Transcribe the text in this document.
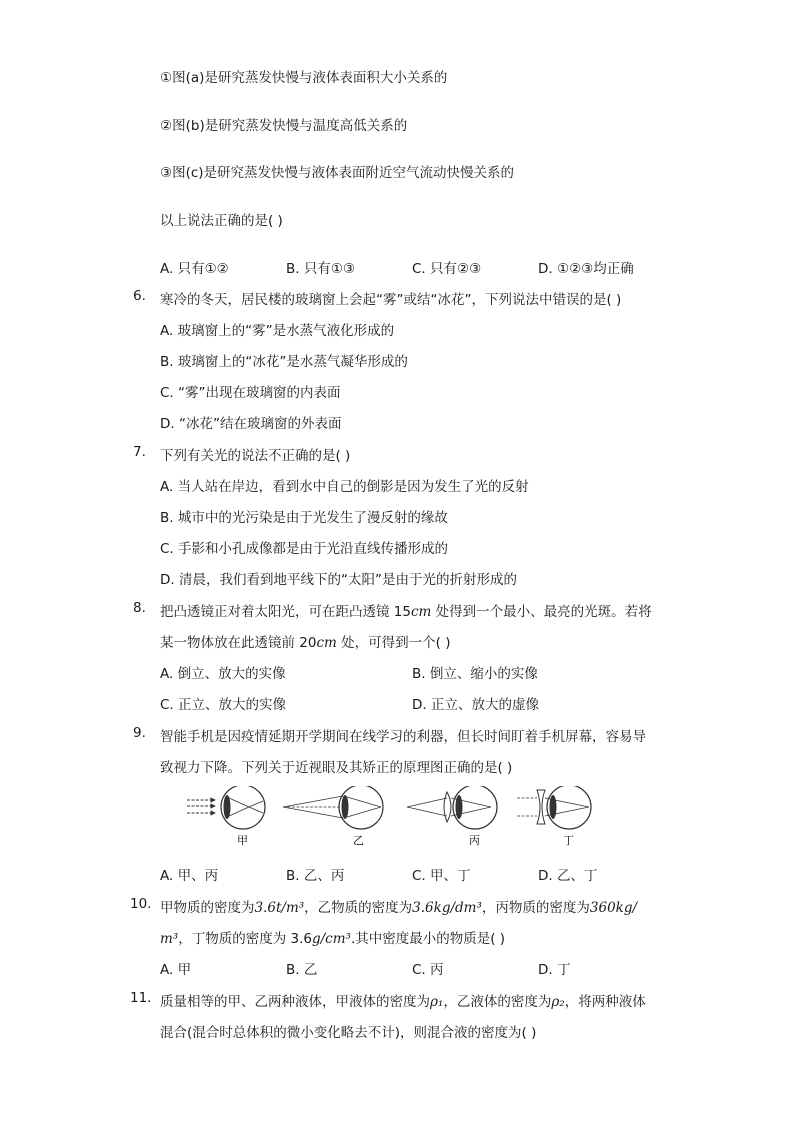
①图(a)是研究蒸发快慢与液体表面积大小关系的
②图(b)是研究蒸发快慢与温度高低关系的
③图(c)是研究蒸发快慢与液体表面附近空气流动快慢关系的
以上说法正确的是( )
A. 只有①②	B. 只有①③	C. 只有②③	D. ①②③均正确
6. 寒冷的冬天，居民楼的玻璃窗上会起“雾”或结“冰花”，下列说法中错误的是( )
A. 玻璃窗上的“雾”是水蒸气液化形成的
B. 玻璃窗上的“冰花”是水蒸气凝华形成的
C. “雾”出现在玻璃窗的内表面
D. “冰花”结在玻璃窗的外表面
7. 下列有关光的说法不正确的是( )
A. 当人站在岸边，看到水中自己的倒影是因为发生了光的反射
B. 城市中的光污染是由于光发生了漫反射的缘故
C. 手影和小孔成像都是由于光沿直线传播形成的
D. 清晨，我们看到地平线下的“太阳”是由于光的折射形成的
8. 把凸透镜正对着太阳光，可在距凸透镜 15cm 处得到一个最小、最亮的光斑。若将
某一物体放在此透镜前 20cm 处，可得到一个( )
A. 倒立、放大的实像	B. 倒立、缩小的实像
C. 正立、放大的实像	D. 正立、放大的虚像
9. 智能手机是因疫情延期开学期间在线学习的利器，但长时间盯着手机屏幕，容易导
致视力下降。下列关于近视眼及其矫正的原理图正确的是( )
甲	乙	丙	丁
A. 甲、丙	B. 乙、丙	C. 甲、丁	D. 乙、丁
10. 甲物质的密度为3.6t/m³，乙物质的密度为3.6kg/dm³，丙物质的密度为360kg/
m³，丁物质的密度为 3.6g/cm³.其中密度最小的物质是( )
A. 甲	B. 乙	C. 丙	D. 丁
11. 质量相等的甲、乙两种液体，甲液体的密度为ρ₁，乙液体的密度为ρ₂，将两种液体
混合(混合时总体积的微小变化略去不计)，则混合液的密度为( )
